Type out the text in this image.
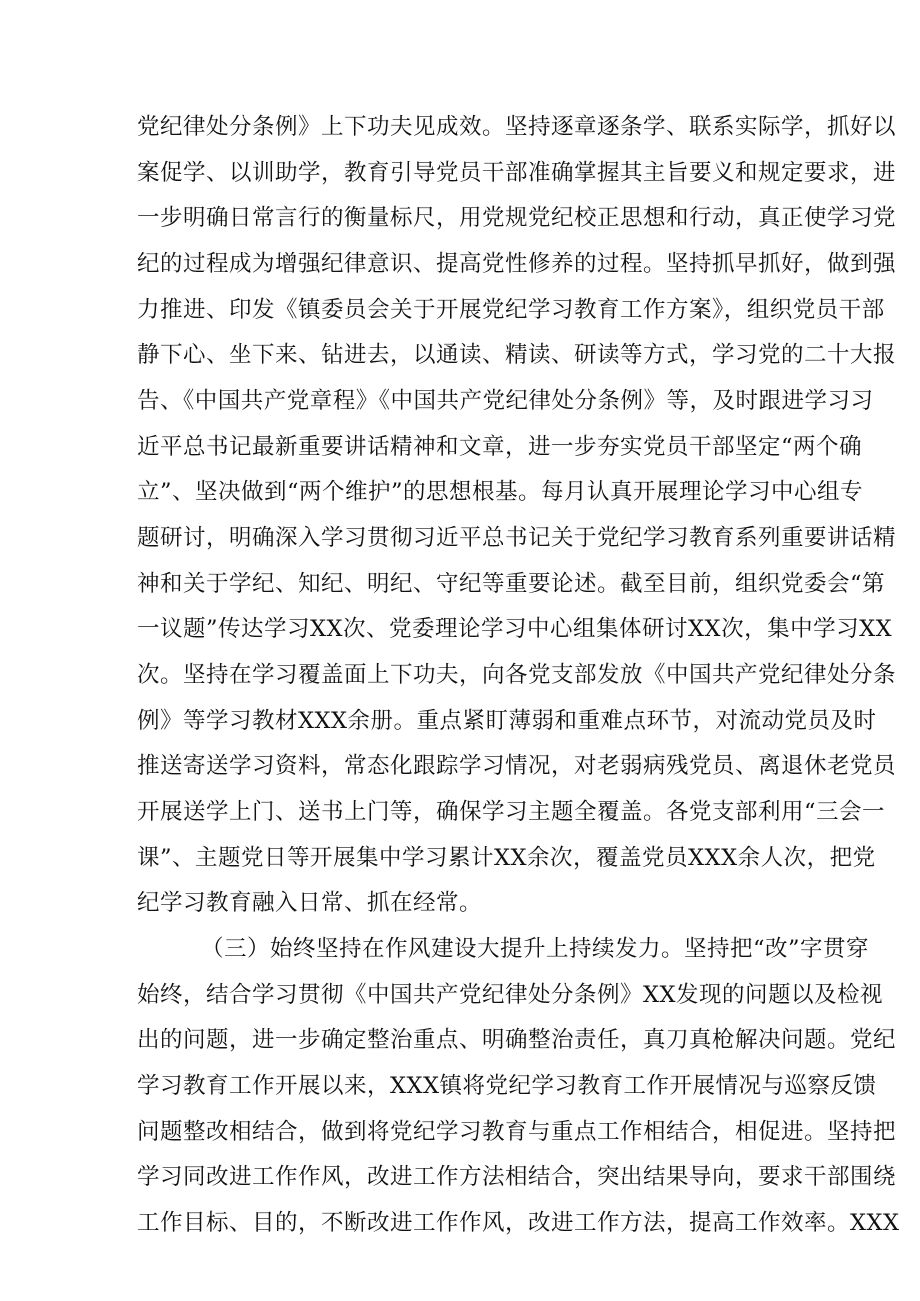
党纪律处分条例》上下功夫见成效。坚持逐章逐条学、联系实际学，抓好以
案促学、以训助学，教育引导党员干部准确掌握其主旨要义和规定要求，进
一步明确日常言行的衡量标尺，用党规党纪校正思想和行动，真正使学习党
纪的过程成为增强纪律意识、提高党性修养的过程。坚持抓早抓好，做到强
力推进、印发《镇委员会关于开展党纪学习教育工作方案》，组织党员干部
静下心、坐下来、钻进去，以通读、精读、研读等方式，学习党的二十大报
告、《中国共产党章程》《中国共产党纪律处分条例》等，及时跟进学习习
近平总书记最新重要讲话精神和文章，进一步夯实党员干部坚定“两个确
立”、坚决做到“两个维护”的思想根基。每月认真开展理论学习中心组专
题研讨，明确深入学习贯彻习近平总书记关于党纪学习教育系列重要讲话精
神和关于学纪、知纪、明纪、守纪等重要论述。截至目前，组织党委会“第
一议题”传达学习XX次、党委理论学习中心组集体研讨XX次，集中学习XX
次。坚持在学习覆盖面上下功夫，向各党支部发放《中国共产党纪律处分条
例》等学习教材XXX余册。重点紧盯薄弱和重难点环节，对流动党员及时
推送寄送学习资料，常态化跟踪学习情况，对老弱病残党员、离退休老党员
开展送学上门、送书上门等，确保学习主题全覆盖。各党支部利用“三会一
课”、主题党日等开展集中学习累计XX余次，覆盖党员XXX余人次，把党
纪学习教育融入日常、抓在经常。
（三）始终坚持在作风建设大提升上持续发力。坚持把“改”字贯穿
始终，结合学习贯彻《中国共产党纪律处分条例》XX发现的问题以及检视
出的问题，进一步确定整治重点、明确整治责任，真刀真枪解决问题。党纪
学习教育工作开展以来，XXX镇将党纪学习教育工作开展情况与巡察反馈
问题整改相结合，做到将党纪学习教育与重点工作相结合，相促进。坚持把
学习同改进工作作风，改进工作方法相结合，突出结果导向，要求干部围绕
工作目标、目的，不断改进工作作风，改进工作方法，提高工作效率。XXX
